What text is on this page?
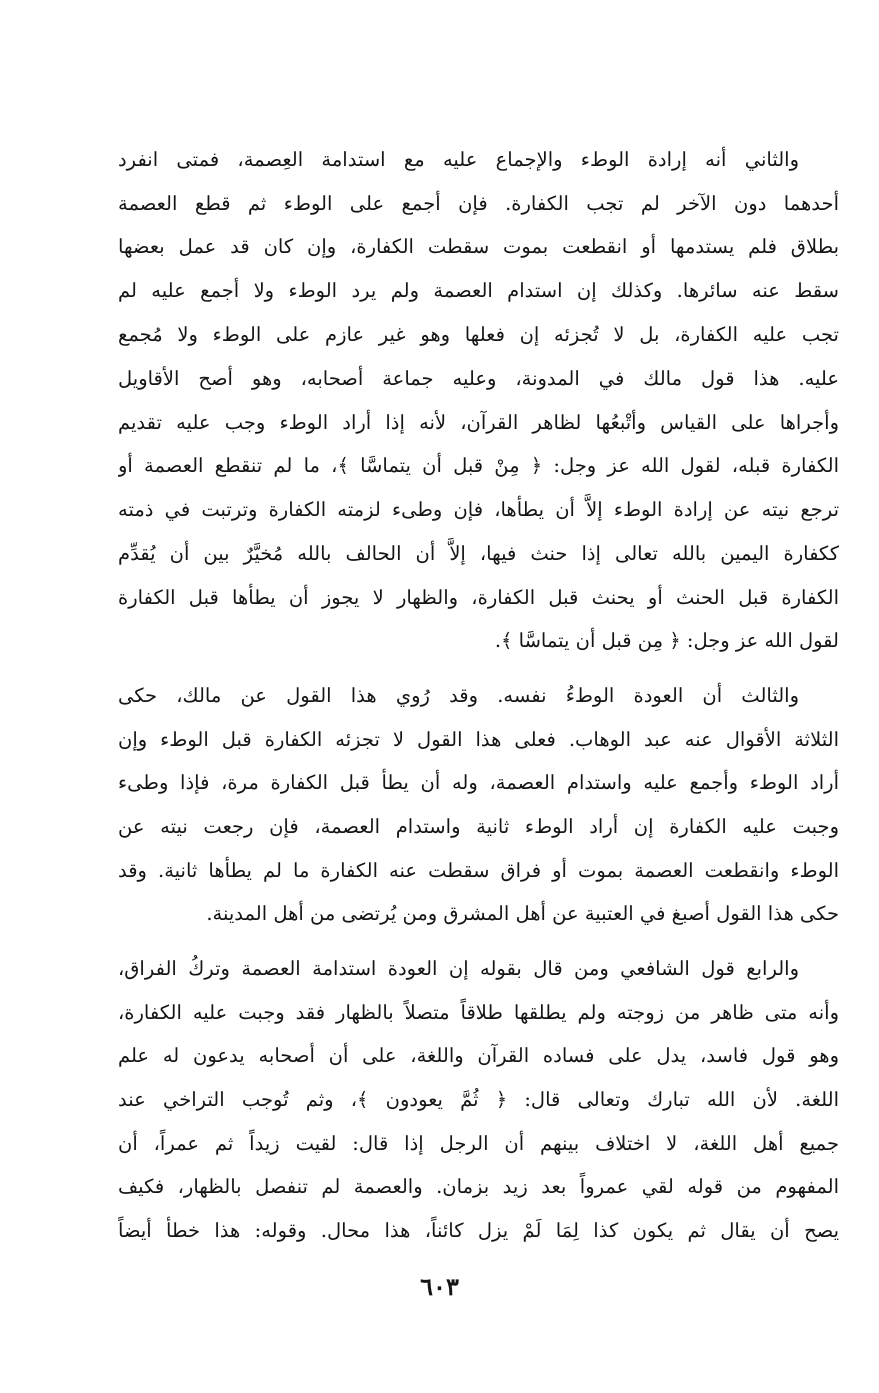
والثاني أنه إرادة الوطء والإجماع عليه مع استدامة العِصمة، فمتى انفرد
أحدهما دون الآخر لم تجب الكفارة. فإن أجمع على الوطء ثم قطع العصمة
بطلاق فلم يستدمها أو انقطعت بموت سقطت الكفارة، وإن كان قد عمل بعضها
سقط عنه سائرها. وكذلك إن استدام العصمة ولم يرد الوطء ولا أجمع عليه لم
تجب عليه الكفارة، بل لا تُجزئه إن فعلها وهو غير عازم على الوطء ولا مُجمع
عليه. هذا قول مالك في المدونة، وعليه جماعة أصحابه، وهو أصح الأقاويل
وأجراها على القياس وأتْبعُها لظاهر القرآن، لأنه إذا أراد الوطء وجب عليه تقديم
الكفارة قبله، لقول الله عز وجل: ﴿ مِنْ قبل أن يتماسَّا ﴾، ما لم تنقطع العصمة أو
ترجع نيته عن إرادة الوطء إلاَّ أن يطأها، فإن وطىء لزمته الكفارة وترتبت في ذمته
ككفارة اليمين بالله تعالى إذا حنث فيها، إلاَّ أن الحالف بالله مُخيَّرٌ بين أن يُقدِّم
الكفارة قبل الحنث أو يحنث قبل الكفارة، والظهار لا يجوز أن يطأها قبل الكفارة
لقول الله عز وجل: ﴿ مِن قبل أن يتماسَّا ﴾.
والثالث أن العودة الوطءُ نفسه. وقد رُوي هذا القول عن مالك، حكى
الثلاثة الأقوال عنه عبد الوهاب. فعلى هذا القول لا تجزئه الكفارة قبل الوطء وإن
أراد الوطء وأجمع عليه واستدام العصمة، وله أن يطأ قبل الكفارة مرة، فإذا وطىء
وجبت عليه الكفارة إن أراد الوطء ثانية واستدام العصمة، فإن رجعت نيته عن
الوطء وانقطعت العصمة بموت أو فراق سقطت عنه الكفارة ما لم يطأها ثانية. وقد
حكى هذا القول أصبغ في العتبية عن أهل المشرق ومن يُرتضى من أهل المدينة.
والرابع قول الشافعي ومن قال بقوله إن العودة استدامة العصمة وتركُ الفراق،
وأنه متى ظاهر من زوجته ولم يطلقها طلاقاً متصلاً بالظهار فقد وجبت عليه الكفارة،
وهو قول فاسد، يدل على فساده القرآن واللغة، على أن أصحابه يدعون له علم
اللغة. لأن الله تبارك وتعالى قال: ﴿ ثُمَّ يعودون ﴾، وثم تُوجب التراخي عند
جميع أهل اللغة، لا اختلاف بينهم أن الرجل إذا قال: لقيت زيداً ثم عمراً، أن
المفهوم من قوله لقي عمرواً بعد زيد بزمان. والعصمة لم تنفصل بالظهار، فكيف
يصح أن يقال ثم يكون كذا لِمَا لَمْ يزل كائناً، هذا محال. وقوله: هذا خطأ أيضاً
٦٠٣
